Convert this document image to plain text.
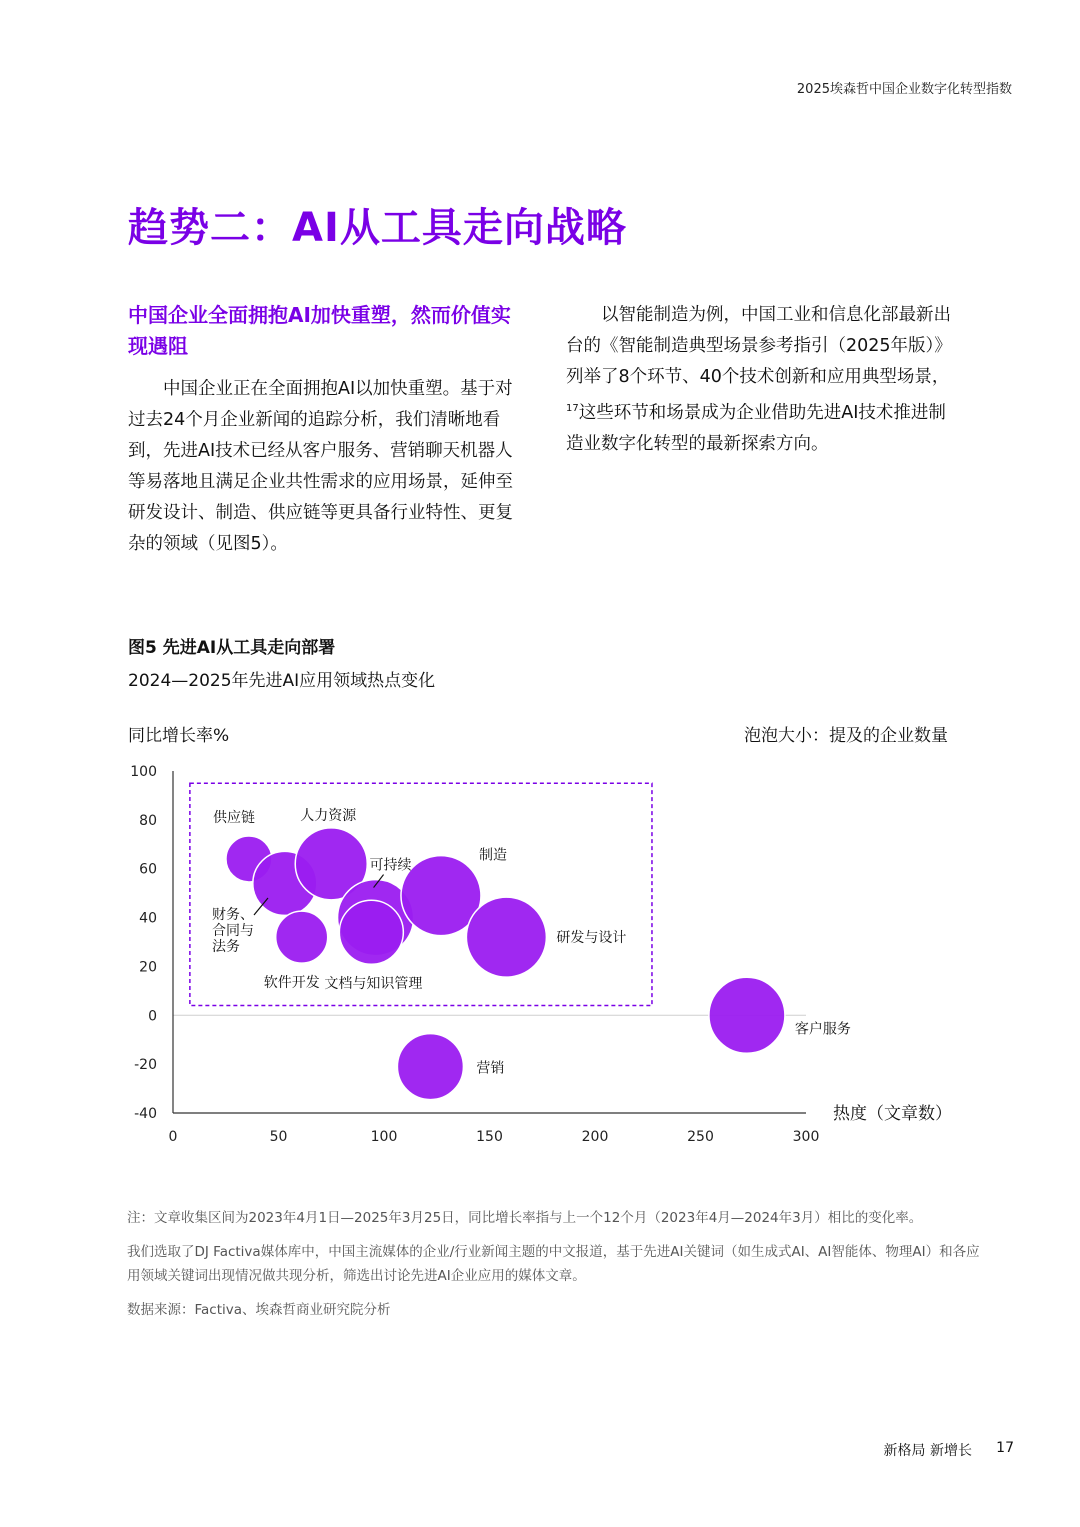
2025埃森哲中国企业数字化转型指数
趋势二：AI从工具走向战略
中国企业全面拥抱AI加快重塑，然而价值实现遇阻

中国企业正在全面拥抱AI以加快重塑。基于对过去24个月企业新闻的追踪分析，我们清晰地看到，先进AI技术已经从客户服务、营销聊天机器人等易落地且满足企业共性需求的应用场景，延伸至研发设计、制造、供应链等更具备行业特性、更复杂的领域（见图5）。

以智能制造为例，中国工业和信息化部最新出台的《智能制造典型场景参考指引（2025年版）》列举了8个环节、40个技术创新和应用典型场景，$^{17}$这些环节和场景成为企业借助先进AI技术推进制造业数字化转型的最新探索方向。

图5 先进AI从工具走向部署
2024—2025年先进AI应用领域热点变化
同比增长率%	泡泡大小：提及的企业数量
热度（文章数）
100
80
60
40
20
0
-20
-40
0	50	100	150	200	250	300
供应链
财务、
合同与
法务
人力资源
软件开发
可持续
文档与知识管理
制造
研发与设计
客户服务
营销

注：文章收集区间为2023年4月1日—2025年3月25日，同比增长率指与上一个12个月（2023年4月—2024年3月）相比的变化率。

我们选取了DJ Factiva媒体库中，中国主流媒体的企业/行业新闻主题的中文报道，基于先进AI关键词（如生成式AI、AI智能体、物理AI）和各应用领域关键词出现情况做共现分析，筛选出讨论先进AI企业应用的媒体文章。

数据来源：Factiva、埃森哲商业研究院分析

新格局 新增长 17
